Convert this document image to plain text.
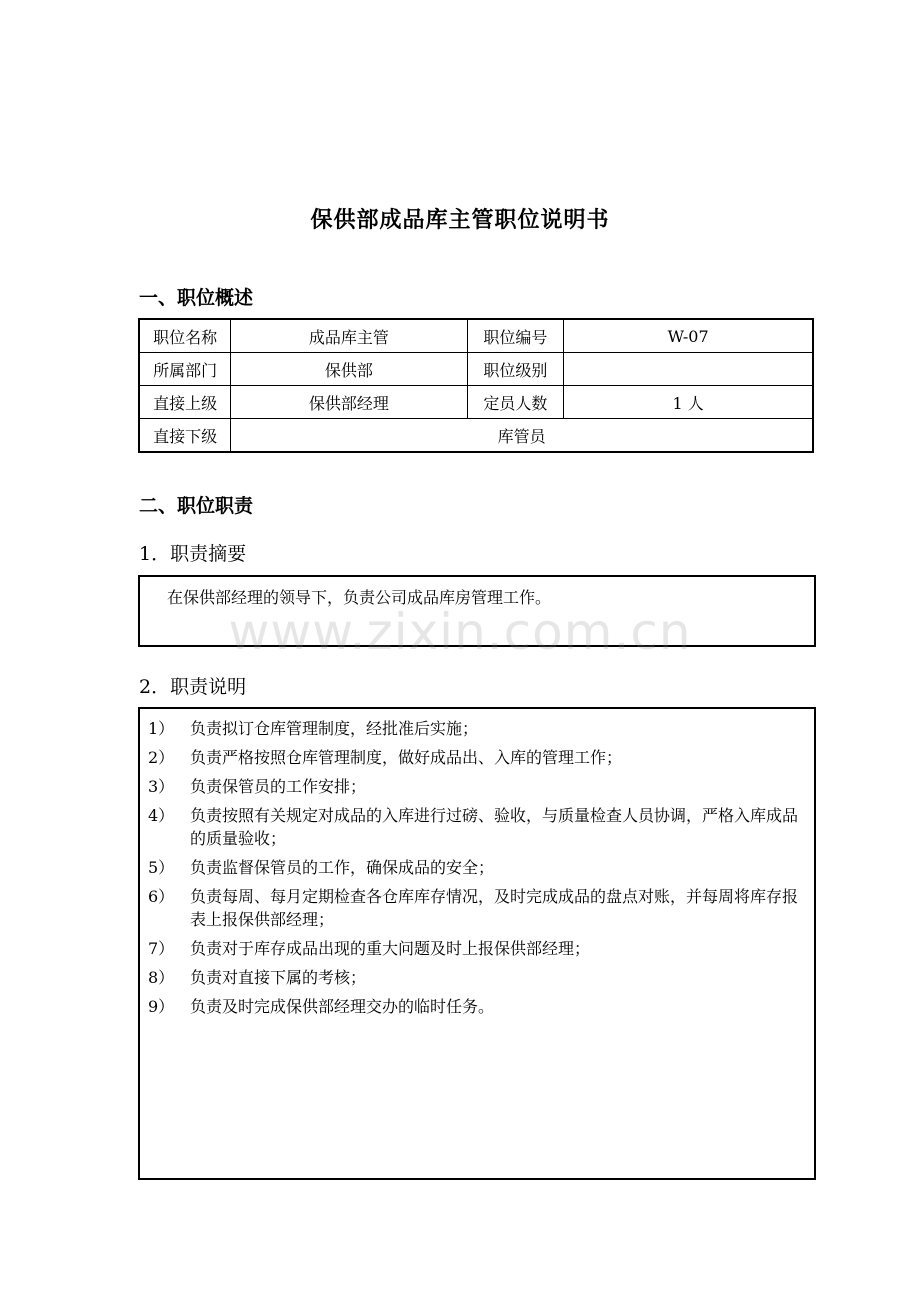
保供部成品库主管职位说明书
一、职位概述
职位名称	成品库主管	职位编号	W-07
所属部门	保供部	职位级别	
直接上级	保供部经理	定员人数	1 人
直接下级	库管员		
二、职位职责
1．职责摘要
在保供部经理的领导下，负责公司成品库房管理工作。
2．职责说明
1） 负责拟订仓库管理制度，经批准后实施；
2） 负责严格按照仓库管理制度，做好成品出、入库的管理工作；
3） 负责保管员的工作安排；
4） 负责按照有关规定对成品的入库进行过磅、验收，与质量检查人员协调，严格入库成品的质量验收；
5） 负责监督保管员的工作，确保成品的安全；
6） 负责每周、每月定期检查各仓库库存情况，及时完成成品的盘点对账，并每周将库存报表上报保供部经理；
7） 负责对于库存成品出现的重大问题及时上报保供部经理；
8） 负责对直接下属的考核；
9） 负责及时完成保供部经理交办的临时任务。
www.zixin.com.cn
